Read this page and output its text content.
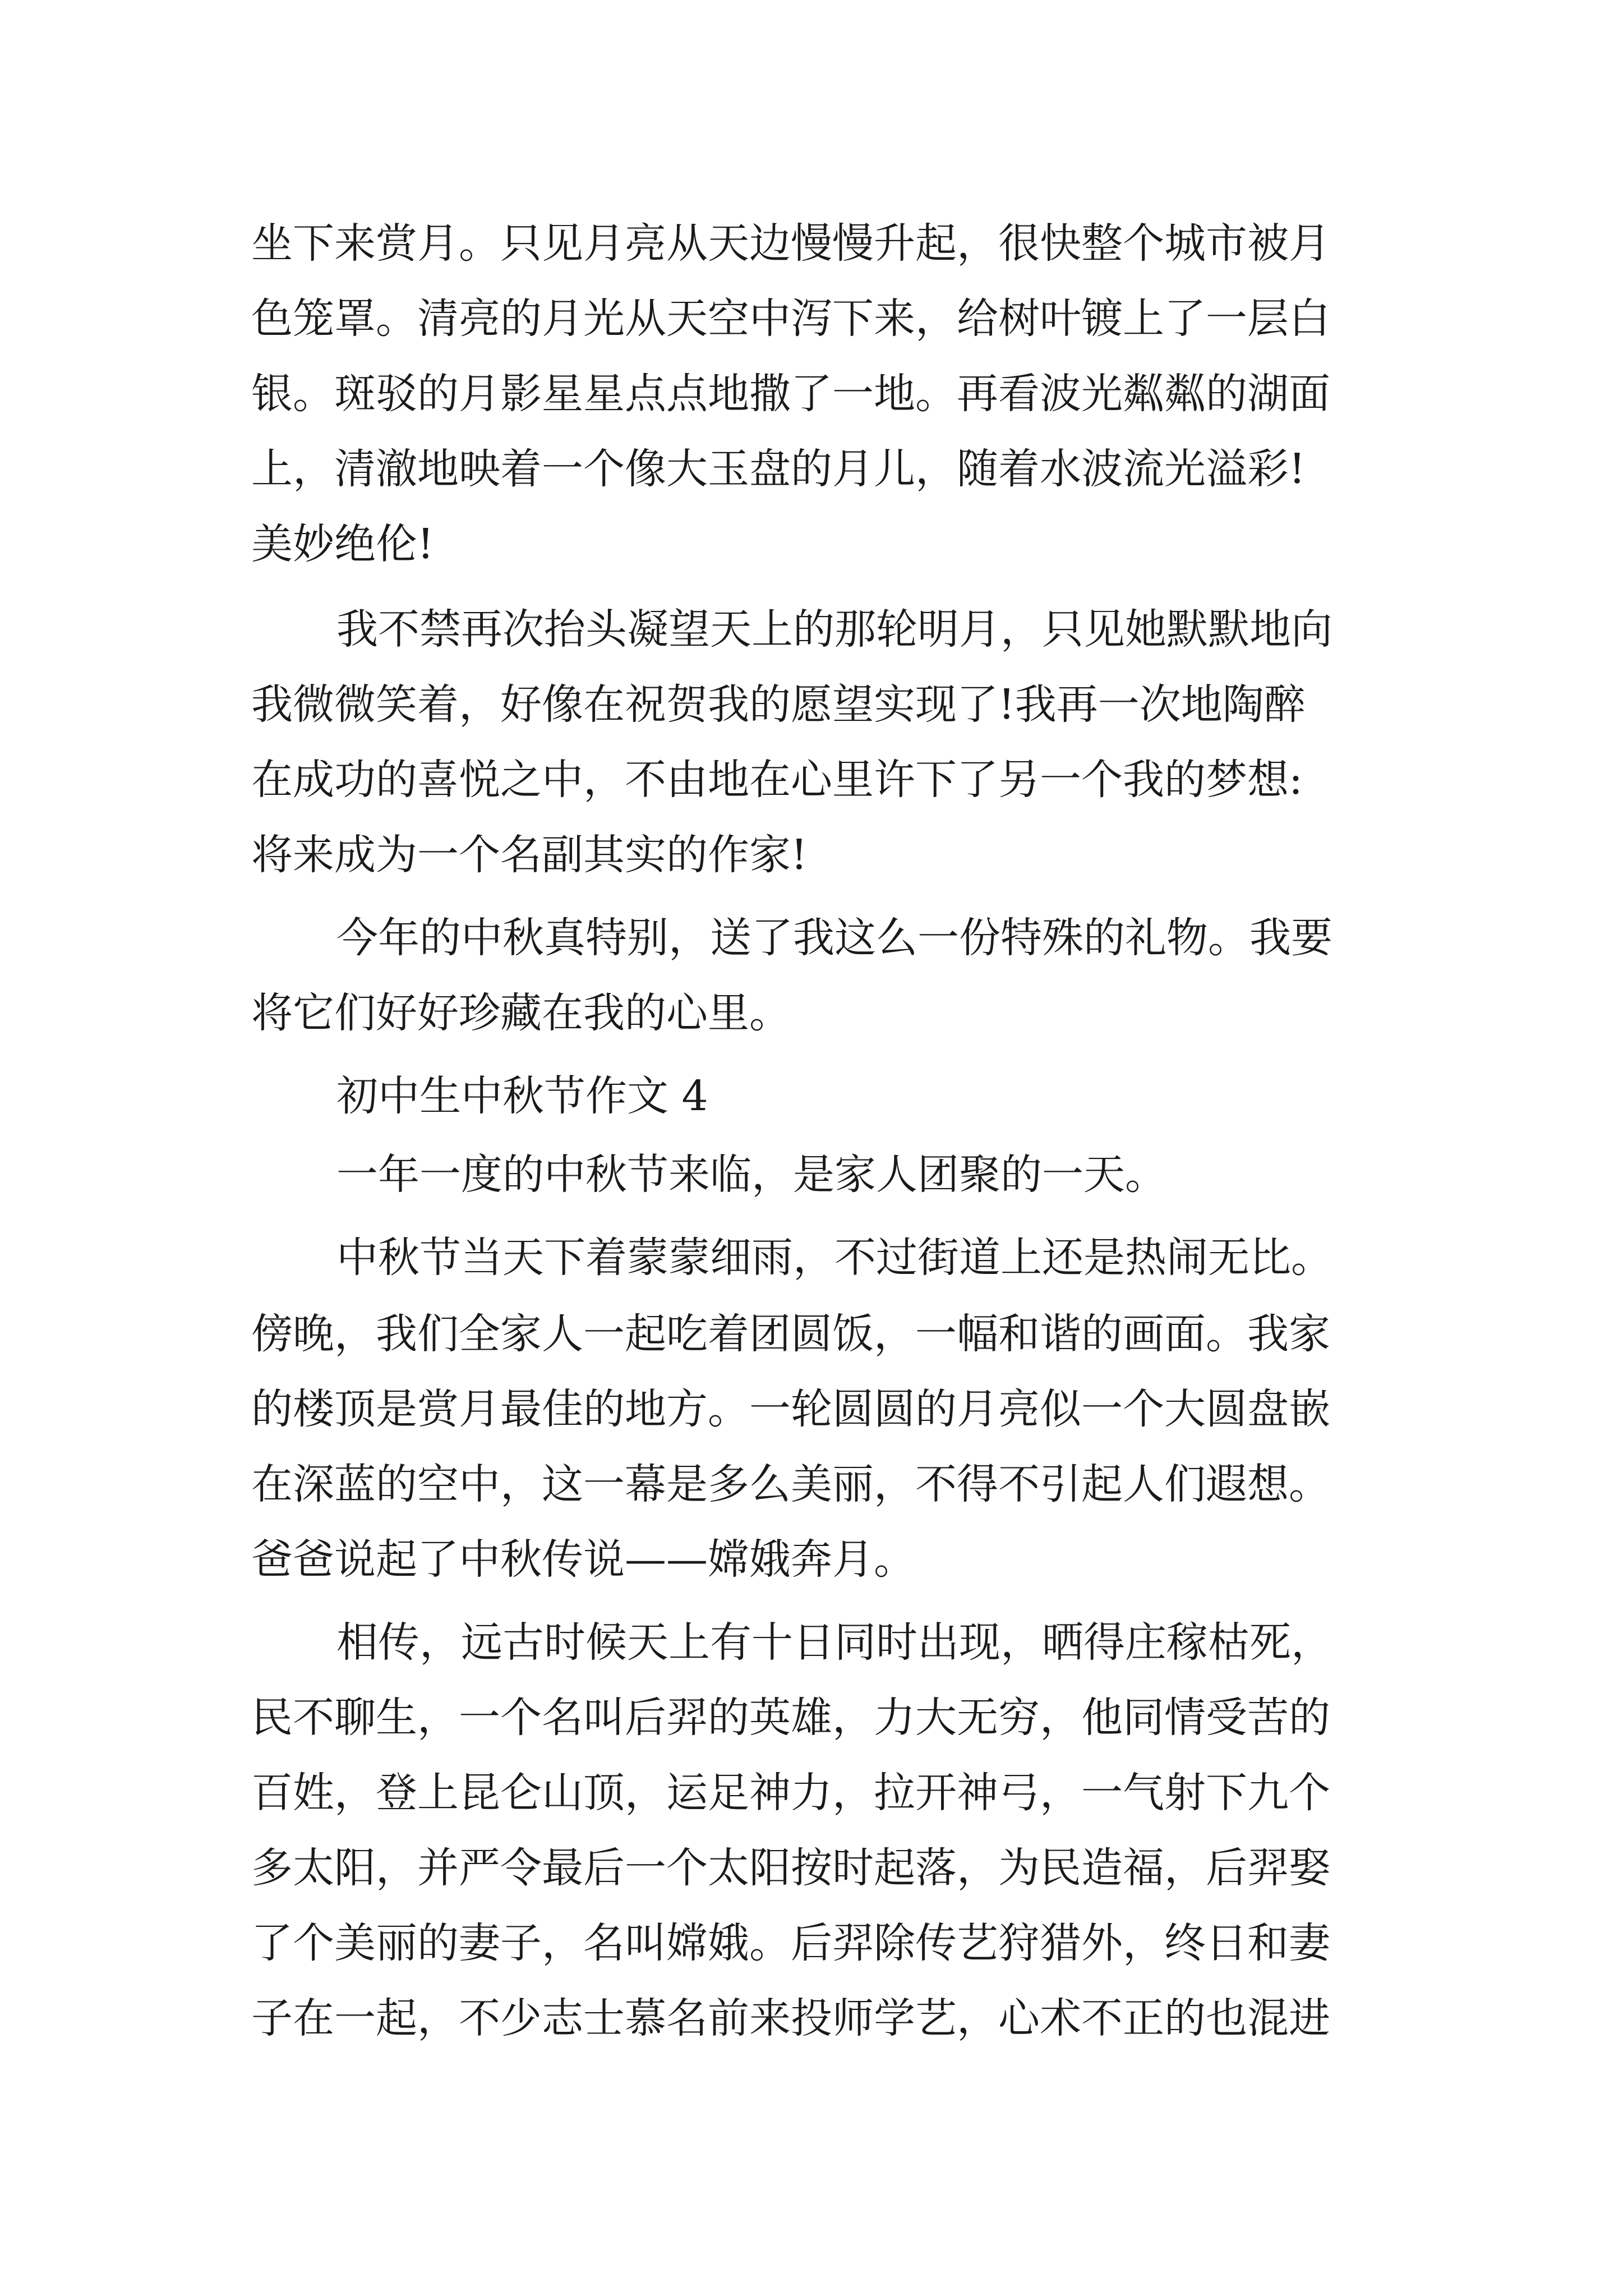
坐下来赏月。只见月亮从天边慢慢升起，很快整个城市被月
色笼罩。清亮的月光从天空中泻下来，给树叶镀上了一层白
银。斑驳的月影星星点点地撒了一地。再看波光粼粼的湖面
上，清澈地映着一个像大玉盘的月儿，随着水波流光溢彩!
美妙绝伦!
我不禁再次抬头凝望天上的那轮明月，只见她默默地向
我微微笑着，好像在祝贺我的愿望实现了!我再一次地陶醉
在成功的喜悦之中，不由地在心里许下了另一个我的梦想:
将来成为一个名副其实的作家!
今年的中秋真特别，送了我这么一份特殊的礼物。我要
将它们好好珍藏在我的心里。
初中生中秋节作文 4
一年一度的中秋节来临，是家人团聚的一天。
中秋节当天下着蒙蒙细雨，不过街道上还是热闹无比。
傍晚，我们全家人一起吃着团圆饭，一幅和谐的画面。我家
的楼顶是赏月最佳的地方。一轮圆圆的月亮似一个大圆盘嵌
在深蓝的空中，这一幕是多么美丽，不得不引起人们遐想。
爸爸说起了中秋传说——嫦娥奔月。
相传，远古时候天上有十日同时出现，晒得庄稼枯死，
民不聊生，一个名叫后羿的英雄，力大无穷，他同情受苦的
百姓，登上昆仑山顶，运足神力，拉开神弓，一气射下九个
多太阳，并严令最后一个太阳按时起落，为民造福，后羿娶
了个美丽的妻子，名叫嫦娥。后羿除传艺狩猎外，终日和妻
子在一起，不少志士慕名前来投师学艺，心术不正的也混进
